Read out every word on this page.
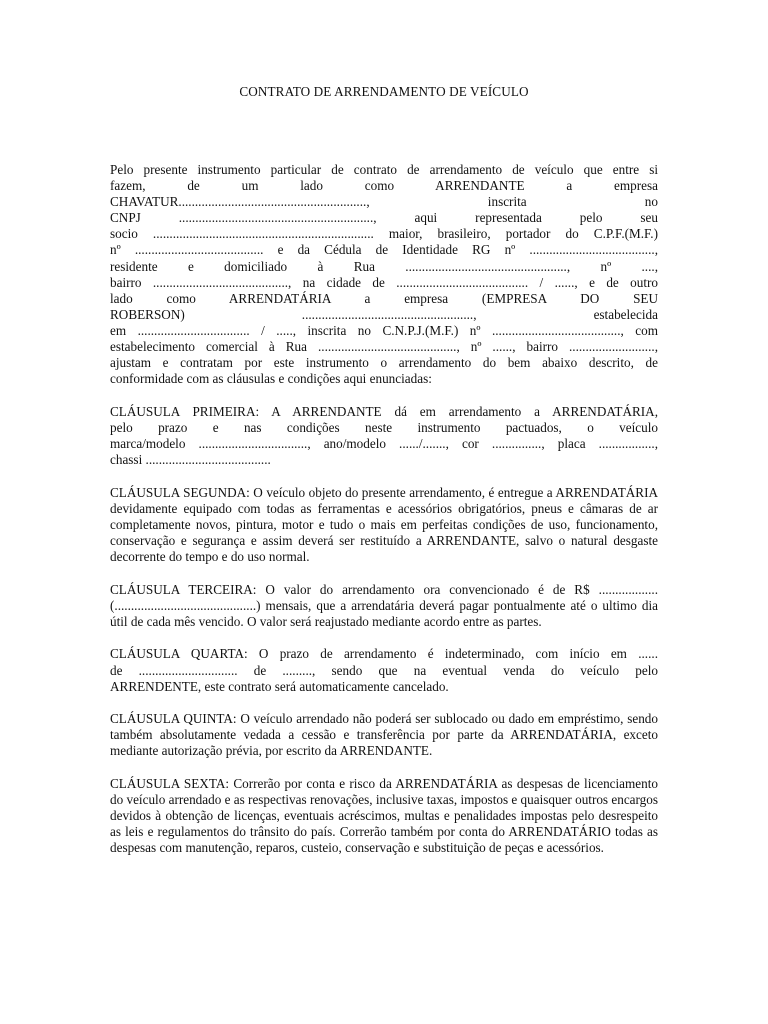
CONTRATO DE ARRENDAMENTO DE VEÍCULO
Pelo presente instrumento particular de contrato de arrendamento de veículo que entre si
fazem, de um lado como ARRENDANTE a empresa
CHAVATUR........................................................., inscrita no
CNPJ ..........................................................., aqui representada pelo seu
socio ................................................................... maior, brasileiro, portador do C.P.F.(M.F.)
nº ....................................... e da Cédula de Identidade RG nº ......................................,
residente e domiciliado à Rua ................................................., nº ....,
bairro ........................................., na cidade de ........................................ / ......, e de outro
lado como ARRENDATÁRIA a empresa (EMPRESA DO SEU
ROBERSON) ...................................................., estabelecida
em .................................. / ....., inscrita no C.N.P.J.(M.F.) nº ......................................., com
estabelecimento comercial à Rua .........................................., nº ......, bairro ..........................,
ajustam e contratam por este instrumento o arrendamento do bem abaixo descrito, de
conformidade com as cláusulas e condições aqui enunciadas:
CLÁUSULA PRIMEIRA: A ARRENDANTE dá em arrendamento a ARRENDATÁRIA,
pelo prazo e nas condições neste instrumento pactuados, o veículo
marca/modelo ................................., ano/modelo ....../......., cor ..............., placa .................,
chassi ......................................

CLÁUSULA SEGUNDA: O veículo objeto do presente arrendamento, é entregue a ARRENDATÁRIA devidamente equipado com todas as ferramentas e acessórios obrigatórios, pneus e câmaras de ar completamente novos, pintura, motor e tudo o mais em perfeitas condições de uso, funcionamento, conservação e segurança e assim deverá ser restituído a ARRENDANTE, salvo o natural desgaste decorrente do tempo e do uso normal.

CLÁUSULA TERCEIRA: O valor do arrendamento ora convencionado é de R$ .................. (...........................................) mensais, que a arrendatária deverá pagar pontualmente até o ultimo dia útil de cada mês vencido. O valor será reajustado mediante acordo entre as partes.

CLÁUSULA QUARTA: O prazo de arrendamento é indeterminado, com início em ......
de .............................. de ........., sendo que na eventual venda do veículo pelo
ARRENDENTE, este contrato será automaticamente cancelado.

CLÁUSULA QUINTA: O veículo arrendado não poderá ser sublocado ou dado em empréstimo, sendo também absolutamente vedada a cessão e transferência por parte da ARRENDATÁRIA, exceto mediante autorização prévia, por escrito da ARRENDANTE.

CLÁUSULA SEXTA: Correrão por conta e risco da ARRENDATÁRIA as despesas de licenciamento do veículo arrendado e as respectivas renovações, inclusive taxas, impostos e quaisquer outros encargos devidos à obtenção de licenças, eventuais acréscimos, multas e penalidades impostas pelo desrespeito as leis e regulamentos do trânsito do país. Correrão também por conta do ARRENDATÁRIO todas as despesas com manutenção, reparos, custeio, conservação e substituição de peças e acessórios.
